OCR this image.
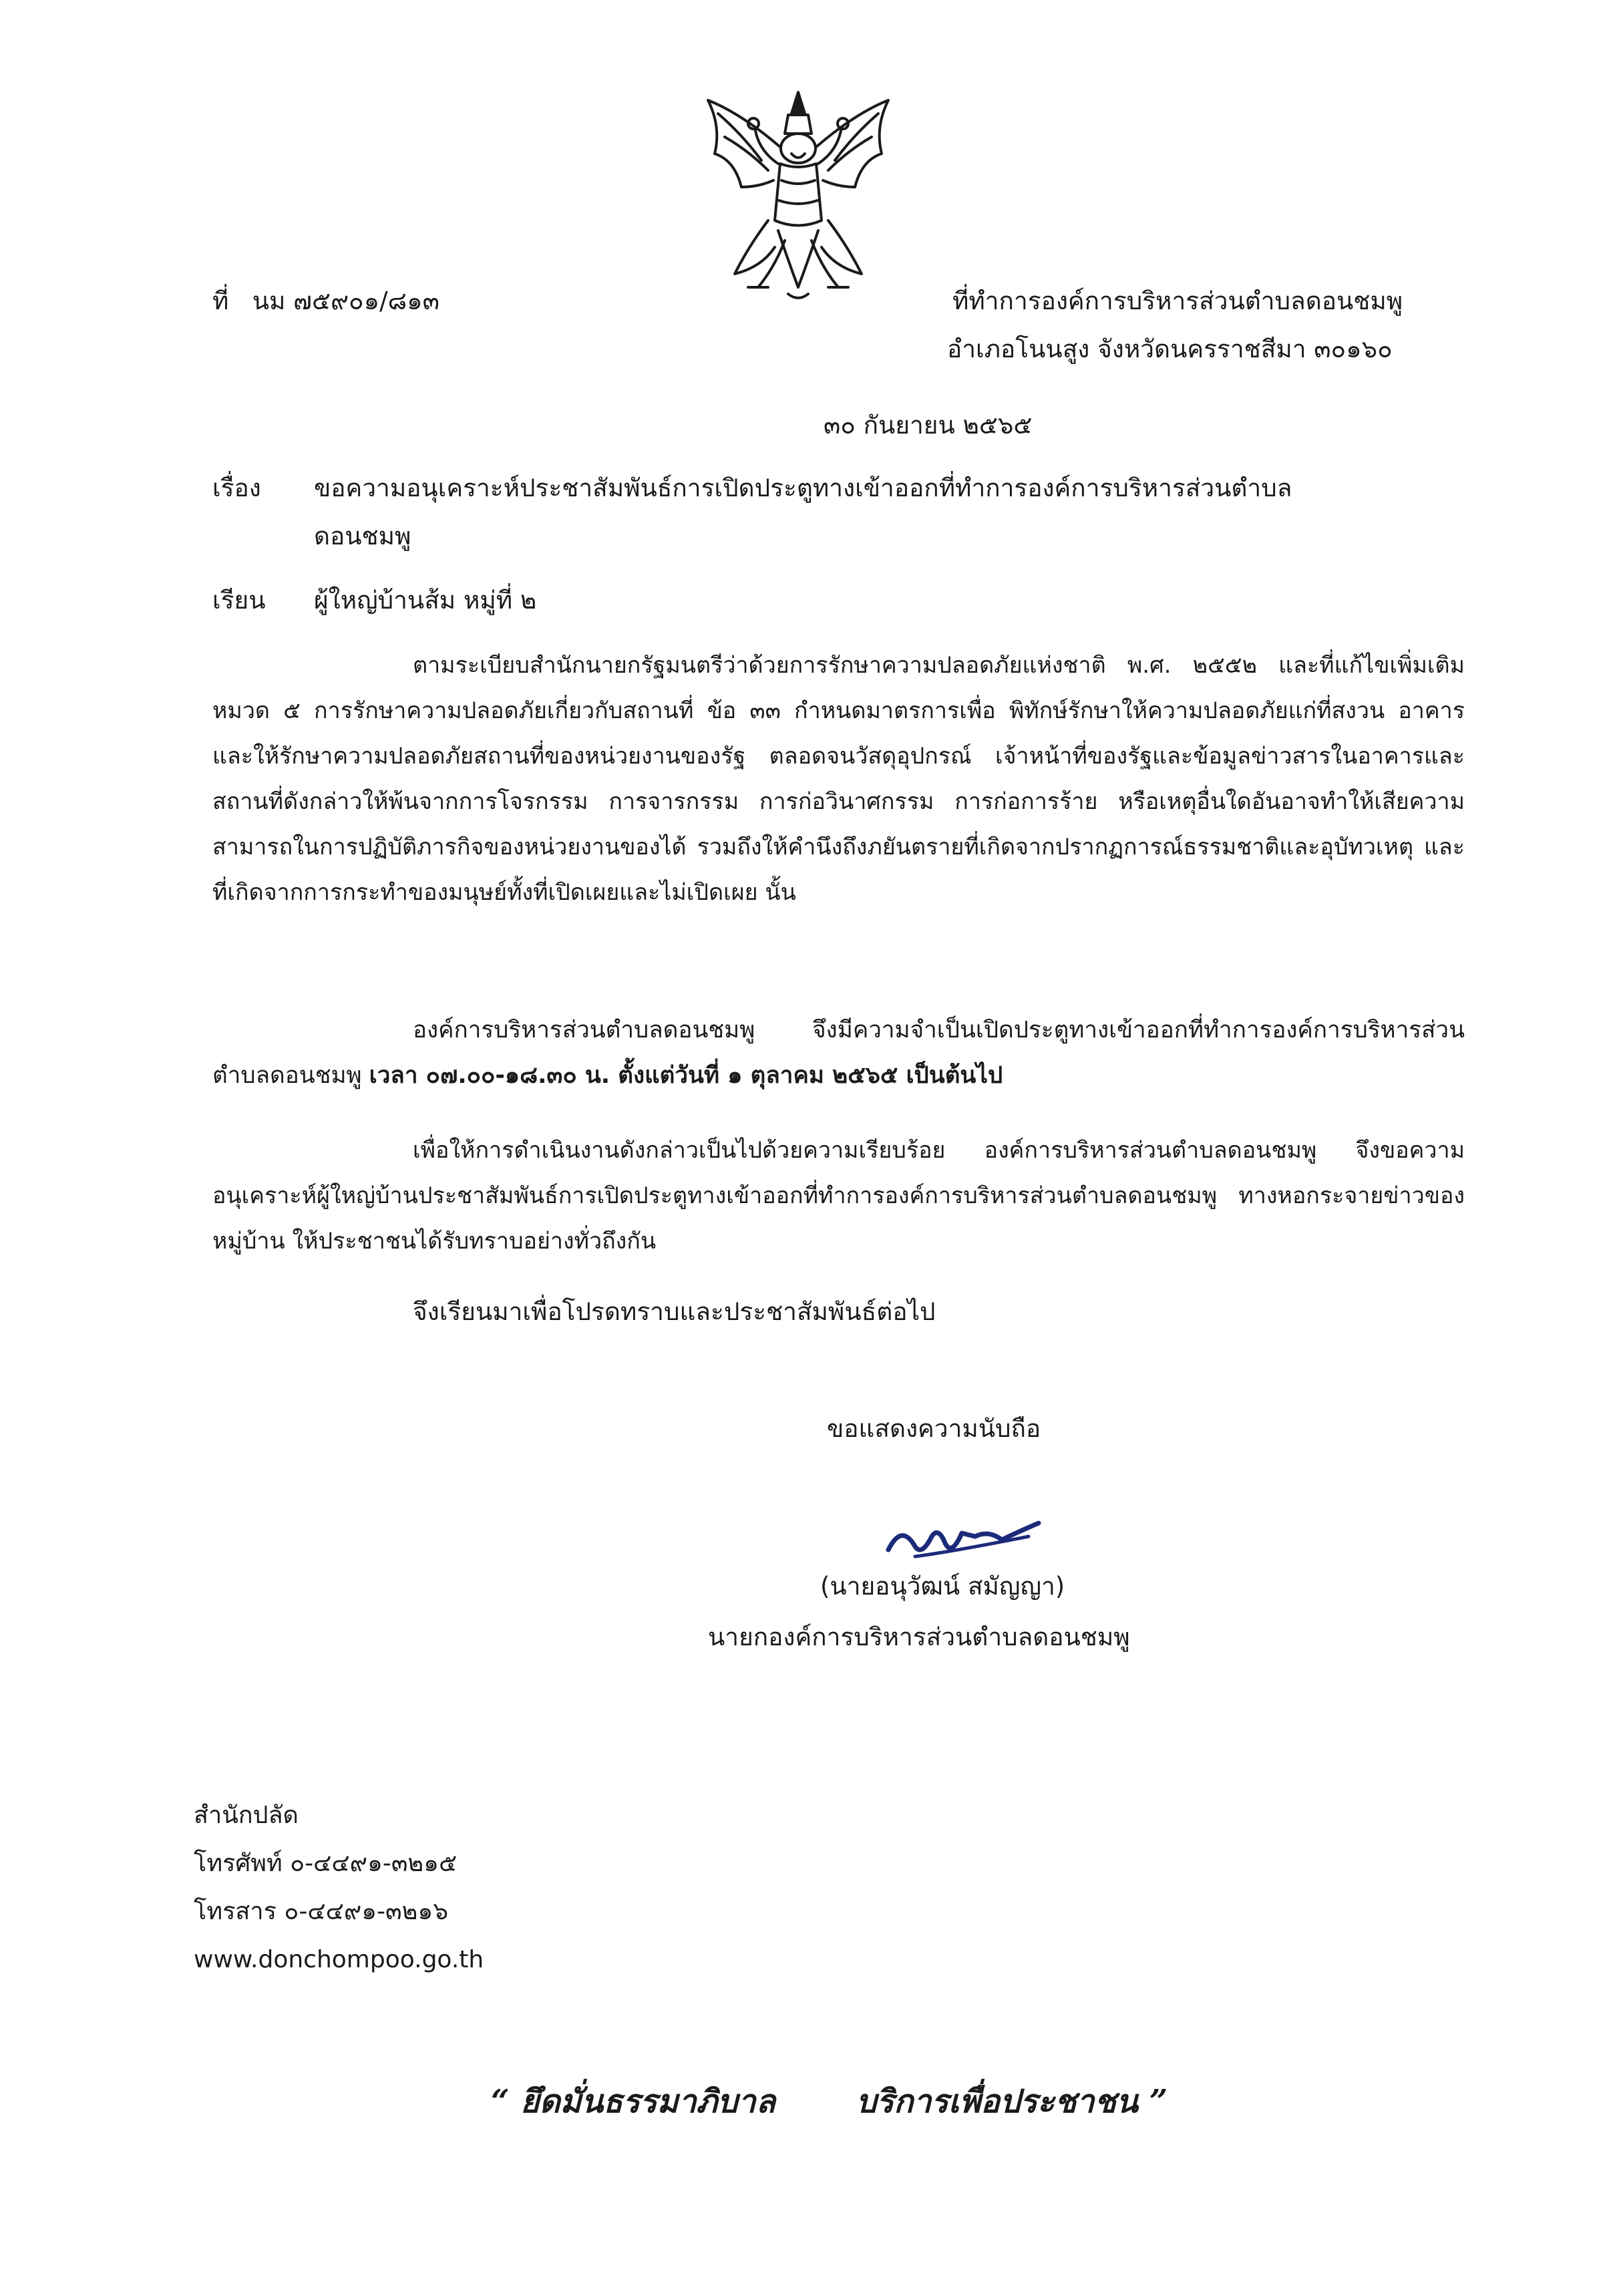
ที่ นม ๗๕๙๐๑/๘๑๓	ที่ทำการองค์การบริหารส่วนตำบลดอนชมพู
อำเภอโนนสูง จังหวัดนครราชสีมา ๓๐๑๖๐
๓๐ กันยายน ๒๕๖๕
เรื่อง ขอความอนุเคราะห์ประชาสัมพันธ์การเปิดประตูทางเข้าออกที่ทำการองค์การบริหารส่วนตำบล
ดอนชมพู
เรียน ผู้ใหญ่บ้านส้ม หมู่ที่ ๒
ตามระเบียบสำนักนายกรัฐมนตรีว่าด้วยการรักษาความปลอดภัยแห่งชาติ พ.ศ. ๒๕๕๒ และที่แก้ไขเพิ่มเติม หมวด ๕ การรักษาความปลอดภัยเกี่ยวกับสถานที่ ข้อ ๓๓ กำหนดมาตรการเพื่อ พิทักษ์รักษาให้ความปลอดภัยแก่ที่สงวน อาคาร และให้รักษาความปลอดภัยสถานที่ของหน่วยงานของรัฐ ตลอดจนวัสดุอุปกรณ์ เจ้าหน้าที่ของรัฐและข้อมูลข่าวสารในอาคารและสถานที่ดังกล่าวให้พ้นจากการโจรกรรม การจารกรรม การก่อวินาศกรรม การก่อการร้าย หรือเหตุอื่นใดอันอาจทำให้เสียความสามารถในการปฏิบัติภารกิจของหน่วยงานของได้ รวมถึงให้คำนึงถึงภยันตรายที่เกิดจากปรากฏการณ์ธรรมชาติและอุบัทวเหตุ และที่เกิดจากการกระทำของมนุษย์ทั้งที่เปิดเผยและไม่เปิดเผย นั้น
องค์การบริหารส่วนตำบลดอนชมพู จึงมีความจำเป็นเปิดประตูทางเข้าออกที่ทำการองค์การบริหารส่วนตำบลดอนชมพู เวลา ๐๗.๐๐-๑๘.๓๐ น. ตั้งแต่วันที่ ๑ ตุลาคม ๒๕๖๕ เป็นต้นไป
เพื่อให้การดำเนินงานดังกล่าวเป็นไปด้วยความเรียบร้อย องค์การบริหารส่วนตำบลดอนชมพู จึงขอความอนุเคราะห์ผู้ใหญ่บ้านประชาสัมพันธ์การเปิดประตูทางเข้าออกที่ทำการองค์การบริหารส่วนตำบลดอนชมพู ทางหอกระจายข่าวของหมู่บ้าน ให้ประชาชนได้รับทราบอย่างทั่วถึงกัน
จึงเรียนมาเพื่อโปรดทราบและประชาสัมพันธ์ต่อไป
ขอแสดงความนับถือ
(นายอนุวัฒน์ สมัญญา)
นายกองค์การบริหารส่วนตำบลดอนชมพู
สำนักปลัด
โทรศัพท์ ๐-๔๔๙๑-๓๒๑๕
โทรสาร ๐-๔๔๙๑-๓๒๑๖
www.donchompoo.go.th
“ ยึดมั่นธรรมาภิบาล	บริการเพื่อประชาชน ”
